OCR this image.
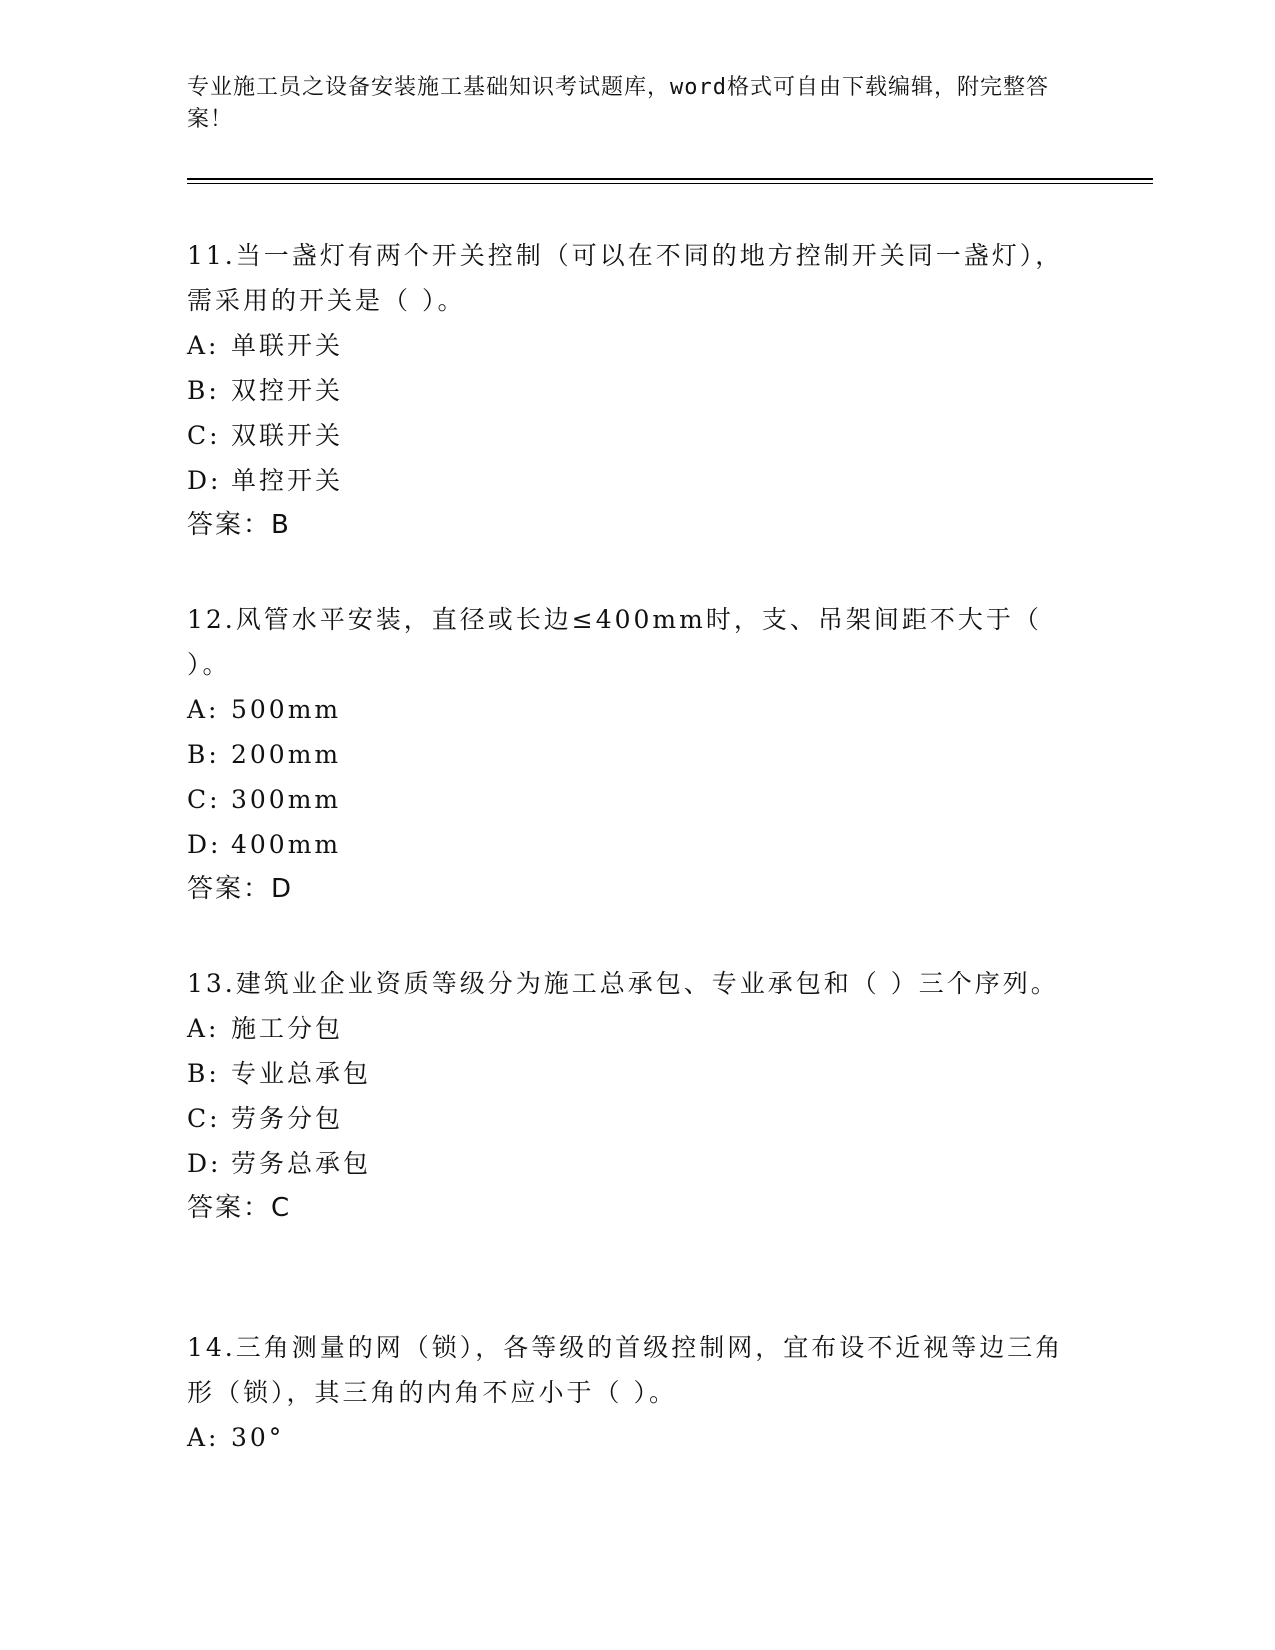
专业施工员之设备安装施工基础知识考试题库，word格式可自由下载编辑，附完整答案！

11.当一盏灯有两个开关控制（可以在不同的地方控制开关同一盏灯），需采用的开关是（ ）。

A: 单联开关

B: 双控开关

C: 双联开关

D: 单控开关

答案：B

12.风管水平安装，直径或长边≤400mm时，支、吊架间距不大于（ ）。

A: 500mm

B: 200mm

C: 300mm

D: 400mm

答案：D

13.建筑业企业资质等级分为施工总承包、专业承包和（ ）三个序列。

A: 施工分包

B: 专业总承包

C: 劳务分包

D: 劳务总承包

答案：C

14.三角测量的网（锁），各等级的首级控制网，宜布设不近视等边三角形（锁），其三角的内角不应小于（ ）。

A: 30°
